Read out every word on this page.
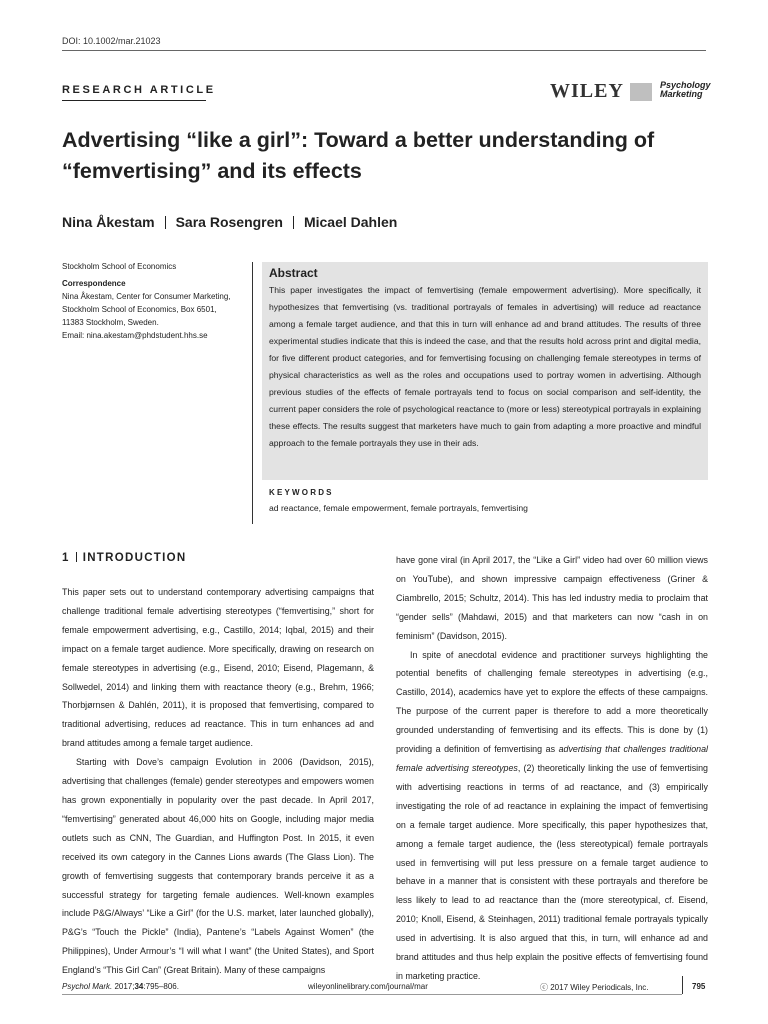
DOI: 10.1002/mar.21023
RESEARCH ARTICLE	WILEY	Psychology
Marketing
Advertising “like a girl”: Toward a better understanding of “femvertising” and its effects
Nina Åkestam Sara Rosengren Micael Dahlen
Stockholm School of Economics
Correspondence
Nina Åkestam, Center for Consumer Marketing,
Stockholm School of Economics, Box 6501,
11383 Stockholm, Sweden.
Email: nina.akestam@phdstudent.hhs.se
Abstract
This paper investigates the impact of femvertising (female empowerment advertising). More specifically, it hypothesizes that femvertising (vs. traditional portrayals of females in advertising) will reduce ad reactance among a female target audience, and that this in turn will enhance ad and brand attitudes. The results of three experimental studies indicate that this is indeed the case, and that the results hold across print and digital media, for five different product categories, and for femvertising focusing on challenging female stereotypes in terms of physical characteristics as well as the roles and occupations used to portray women in advertising. Although previous studies of the effects of female portrayals tend to focus on social comparison and self-identity, the current paper considers the role of psychological reactance to (more or less) stereotypical portrayals in explaining these effects. The results suggest that marketers have much to gain from adapting a more proactive and mindful approach to the female portrayals they use in their ads.
KEYWORDS
ad reactance, female empowerment, female portrayals, femvertising
1 INTRODUCTION

This paper sets out to understand contemporary advertising campaigns that challenge traditional female advertising stereotypes (“femvertising,” short for female empowerment advertising, e.g., Castillo, 2014; Iqbal, 2015) and their impact on a female target audience. More specifically, drawing on research on female stereotypes in advertising (e.g., Eisend, 2010; Eisend, Plagemann, & Sollwedel, 2014) and linking them with reactance theory (e.g., Brehm, 1966; Thorbjørnsen & Dahlén, 2011), it is proposed that femvertising, compared to traditional advertising, reduces ad reactance. This in turn enhances ad and brand attitudes among a female target audience.

Starting with Dove’s campaign Evolution in 2006 (Davidson, 2015), advertising that challenges (female) gender stereotypes and empowers women has grown exponentially in popularity over the past decade. In April 2017, “femvertising” generated about 46,000 hits on Google, including major media outlets such as CNN, The Guardian, and Huffington Post. In 2015, it even received its own category in the Cannes Lions awards (The Glass Lion). The growth of femvertising suggests that contemporary brands perceive it as a successful strategy for targeting female audiences. Well-known examples include P&G/Always’ “Like a Girl” (for the U.S. market, later launched globally), P&G’s “Touch the Pickle” (India), Pantene’s “Labels Against Women” (the Philippines), Under Armour’s “I will what I want” (the United States), and Sport England’s “This Girl Can” (Great Britain). Many of these campaigns

have gone viral (in April 2017, the “Like a Girl” video had over 60 million views on YouTube), and shown impressive campaign effectiveness (Griner & Ciambrello, 2015; Schultz, 2014). This has led industry media to proclaim that “gender sells” (Mahdawi, 2015) and that marketers can now “cash in on feminism” (Davidson, 2015).

In spite of anecdotal evidence and practitioner surveys highlighting the potential benefits of challenging female stereotypes in advertising (e.g., Castillo, 2014), academics have yet to explore the effects of these campaigns. The purpose of the current paper is therefore to add a more theoretically grounded understanding of femvertising and its effects. This is done by (1) providing a definition of femvertising as advertising that challenges traditional female advertising stereotypes, (2) theoretically linking the use of femvertising with advertising reactions in terms of ad reactance, and (3) empirically investigating the role of ad reactance in explaining the impact of femvertising on a female target audience. More specifically, this paper hypothesizes that, among a female target audience, the (less stereotypical) female portrayals used in femvertising will put less pressure on a female target audience to behave in a manner that is consistent with these portrayals and therefore be less likely to lead to ad reactance than the (more stereotypical, cf. Eisend, 2010; Knoll, Eisend, & Steinhagen, 2011) traditional female portrayals typically used in advertising. It is also argued that this, in turn, will enhance ad and brand attitudes and thus help explain the positive effects of femvertising found in marketing practice.

Psychol Mark. 2017;34:795–806.	wileyonlinelibrary.com/journal/mar	ⓒ 2017 Wiley Periodicals, Inc.	795
